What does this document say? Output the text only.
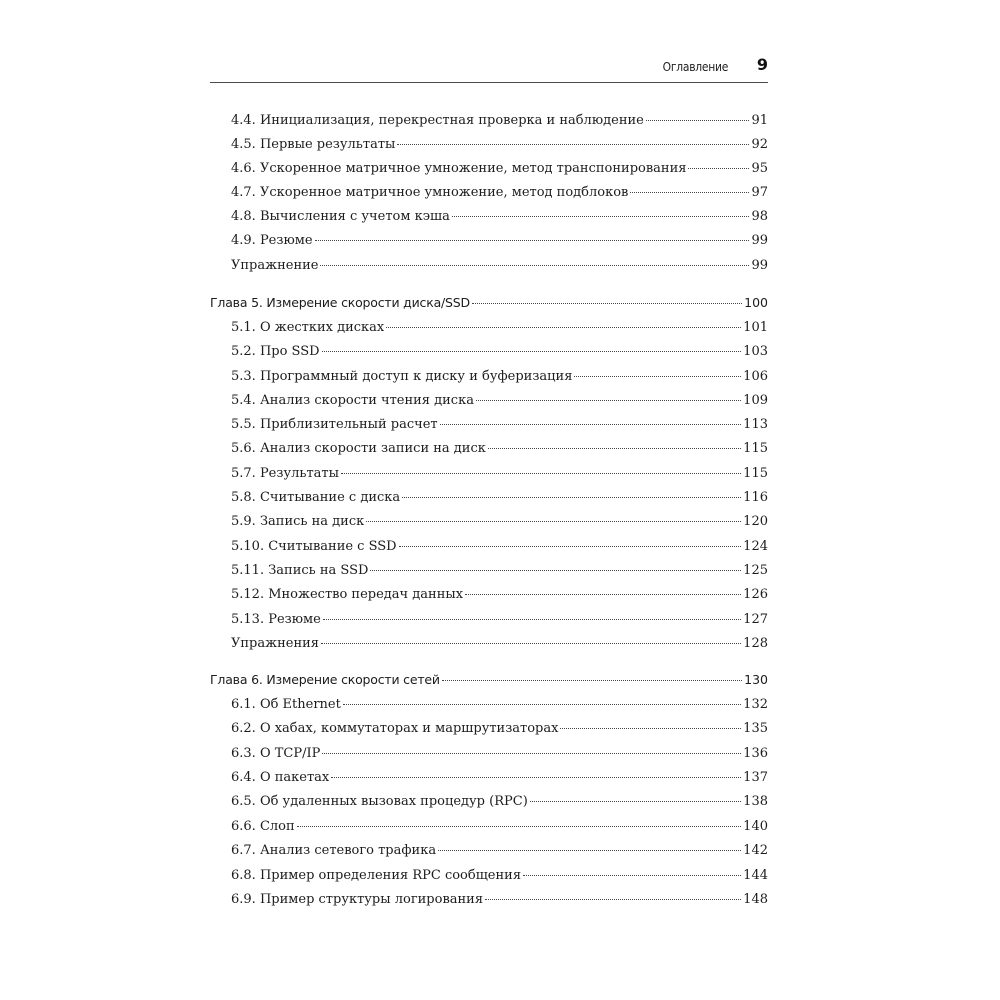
Оглавление 9
4.4. Инициализация, перекрестная проверка и наблюдение	91
4.5. Первые результаты	92
4.6. Ускоренное матричное умножение, метод транспонирования	95
4.7. Ускоренное матричное умножение, метод подблоков	97
4.8. Вычисления с учетом кэша	98
4.9. Резюме	99
Упражнение	99
Глава 5. Измерение скорости диска/SSD	100
5.1. О жестких дисках	101
5.2. Про SSD	103
5.3. Программный доступ к диску и буферизация	106
5.4. Анализ скорости чтения диска	109
5.5. Приблизительный расчет	113
5.6. Анализ скорости записи на диск	115
5.7. Результаты	115
5.8. Считывание с диска	116
5.9. Запись на диск	120
5.10. Считывание с SSD	124
5.11. Запись на SSD	125
5.12. Множество передач данных	126
5.13. Резюме	127
Упражнения	128
Глава 6. Измерение скорости сетей	130
6.1. Об Ethernet	132
6.2. О хабах, коммутаторах и маршрутизаторах	135
6.3. О TCP/IP	136
6.4. О пакетах	137
6.5. Об удаленных вызовах процедур (RPC)	138
6.6. Слоп	140
6.7. Анализ сетевого трафика	142
6.8. Пример определения RPC сообщения	144
6.9. Пример структуры логирования	148
